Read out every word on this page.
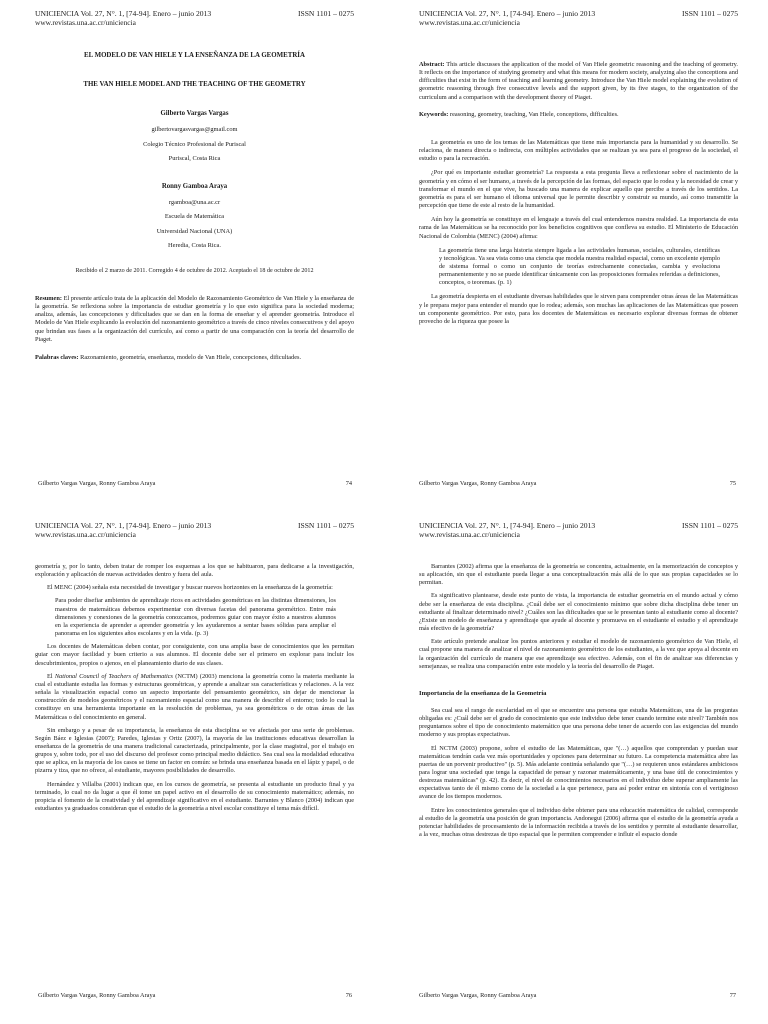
UNICIENCIA Vol. 27, N°. 1, [74-94]. Enero – junio 2013	ISSN 1101 – 0275
www.revistas.una.ac.cr/uniciencia
EL MODELO DE VAN HIELE Y LA ENSEÑANZA DE LA GEOMETRÍA
THE VAN HIELE MODEL AND THE TEACHING OF THE GEOMETRY
Gilberto Vargas Vargas
gilbertovargasvargas@gmail.com
Colegio Técnico Profesional de Puriscal
Puriscal, Costa Rica
Ronny Gamboa Araya
rgamboa@una.ac.cr
Escuela de Matemática
Universidad Nacional (UNA)
Heredia, Costa Rica.
Recibido el 2 marzo de 2011. Corregido 4 de octubre de 2012. Aceptado el 18 de octubre de 2012

Resumen: El presente artículo trata de la aplicación del Modelo de Razonamiento Geométrico de Van Hiele y la enseñanza de la geometría. Se reflexiona sobre la importancia de estudiar geometría y lo que esto significa para la sociedad moderna; analiza, además, las concepciones y dificultades que se dan en la forma de enseñar y el aprender geometría. Introduce el Modelo de Van Hiele explicando la evolución del razonamiento geométrico a través de cinco niveles consecutivos y del apoyo que brindan sus fases a la organización del currículo, así como a partir de una comparación con la teoría del desarrollo de Piaget.

Palabras claves: Razonamiento, geometría, enseñanza, modelo de Van Hiele, concepciones, dificultades.

Gilberto Vargas Vargas, Ronny Gamboa Araya	74
UNICIENCIA Vol. 27, N°. 1, [74-94]. Enero – junio 2013	ISSN 1101 – 0275
www.revistas.una.ac.cr/uniciencia

Abstract: This article discusses the application of the model of Van Hiele geometric reasoning and the teaching of geometry. It reflects on the importance of studying geometry and what this means for modern society, analyzing also the conceptions and difficulties that exist in the form of teaching and learning geometry. Introduce the Van Hiele model explaining the evolution of geometric reasoning through five consecutive levels and the support given, by its five stages, to the organization of the curriculum and a comparison with the development theory of Piaget.

Keywords: reasoning, geometry, teaching, Van Hiele, conceptions, difficulties.

La geometría es uno de los temas de las Matemáticas que tiene más importancia para la humanidad y su desarrollo. Se relaciona, de manera directa o indirecta, con múltiples actividades que se realizan ya sea para el progreso de la sociedad, el estudio o para la recreación.

¿Por qué es importante estudiar geometría? La respuesta a esta pregunta lleva a reflexionar sobre el nacimiento de la geometría y en cómo el ser humano, a través de la percepción de las formas, del espacio que lo rodea y la necesidad de crear y transformar el mundo en el que vive, ha buscado una manera de explicar aquello que percibe a través de los sentidos. La geometría es para el ser humano el idioma universal que le permite describir y construir su mundo, así como transmitir la percepción que tiene de este al resto de la humanidad.

Aún hoy la geometría se constituye en el lenguaje a través del cual entendemos nuestra realidad. La importancia de esta rama de las Matemáticas se ha reconocido por los beneficios cognitivos que confleva su estudio. El Ministerio de Educación Nacional de Colombia (MENC) (2004) afirma:

La geometría tiene una larga historia siempre ligada a las actividades humanas, sociales, culturales, científicas y tecnológicas. Ya sea vista como una ciencia que modela nuestra realidad espacial, como un excelente ejemplo de sistema formal o como un conjunto de teorías estrechamente conectadas, cambia y evoluciona permanentemente y no se puede identificar únicamente con las proposiciones formales referidas a definiciones, conceptos, o teoremas. (p. 1)

La geometría despierta en el estudiante diversas habilidades que le sirven para comprender otras áreas de las Matemáticas y le prepara mejor para entender el mundo que lo rodea; además, son muchas las aplicaciones de las Matemáticas que poseen un componente geométrico. Por esto, para los docentes de Matemáticas es necesario explorar diversas formas de obtener provecho de la riqueza que posee la

Gilberto Vargas Vargas, Ronny Gamboa Araya	75
UNICIENCIA Vol. 27, N°. 1, [74-94]. Enero – junio 2013	ISSN 1101 – 0275
www.revistas.una.ac.cr/uniciencia

geometría y, por lo tanto, deben tratar de romper los esquemas a los que se habituaron, para dedicarse a la investigación, exploración y aplicación de nuevas actividades dentro y fuera del aula.

El MENC (2004) señala esta necesidad de investigar y buscar nuevos horizontes en la enseñanza de la geometría:

Para poder disefiar ambientes de aprendizaje ricos en actividades geométricas en las distintas dimensiones, los maestros de matemáticas debemos experimentar con diversas facetas del panorama geométrico. Entre más dimensiones y conexiones de la geometría conozcamos, podremos guiar con mayor éxito a nuestros alumnos en la experiencia de aprender a aprender geometría y les ayudaremos a sentar bases sólidas para ampliar el panorama en los siguientes años escolares y en la vida. (p. 3)

Los docentes de Matemáticas deben contar, por consiguiente, con una amplia base de conocimientos que les permitan guiar con mayor facilidad y buen criterio a sus alumnos. El docente debe ser el primero en explorar para incluir los descubrimientos, propios o ajenos, en el planeamiento diario de sus clases.

El National Council of Teachers of Mathematics (NCTM) (2003) menciona la geometría como la materia mediante la cual el estudiante estudia las formas y estructuras geométricas, y aprende a analizar sus características y relaciones. A la vez señala la visualización espacial como un aspecto importante del pensamiento geométrico, sin dejar de mencionar la construcción de modelos geométricos y el razonamiento espacial como una manera de describir el entorno; todo lo cual la constituye en una herramienta importante en la resolución de problemas, ya sea geométricos o de otras áreas de las Matemáticas o del conocimiento en general.

Sin embargo y a pesar de su importancia, la enseñanza de esta disciplina se ve afectada por una serie de problemas. Según Báez e Iglesias (2007); Paredes, Iglesias y Ortiz (2007), la mayoría de las instituciones educativas desarrollan la enseñanza de la geometría de una manera tradicional caracterizada, principalmente, por la clase magistral, por el trabajo en grupos y, sobre todo, por el uso del discurso del profesor como principal medio didáctico. Sea cual sea la modalidad educativa que se aplica, en la mayoría de los casos se tiene un factor en común: se brinda una enseñanza basada en el lápiz y papel, o de pizarra y tiza, que no ofrece, al estudiante, mayores posibilidades de desarrollo.

Hernández y Villalba (2001) indican que, en los cursos de geometría, se presenta al estudiante un producto final y ya terminado, lo cual no da lugar a que él tome un papel activo en el desarrollo de su conocimiento matemático; además, no propicia el fomento de la creatividad y del aprendizaje significativo en el estudiante. Barrantes y Blanco (2004) indican que estudiantes ya graduados consideran que el estudio de la geometría a nivel escolar constituye el tema más difícil.

Gilberto Vargas Vargas, Ronny Gamboa Araya	76
UNICIENCIA Vol. 27, N°. 1, [74-94]. Enero – junio 2013	ISSN 1101 – 0275
www.revistas.una.ac.cr/uniciencia

Barrantes (2002) afirma que la enseñanza de la geometría se concentra, actualmente, en la memorización de conceptos y su aplicación, sin que el estudiante pueda llegar a una conceptualización más allá de lo que sus propias capacidades se lo permitan.

Es significativo plantearse, desde este punto de vista, la importancia de estudiar geometría en el mundo actual y cómo debe ser la enseñanza de esta disciplina. ¿Cuál debe ser el conocimiento mínimo que sobre dicha disciplina debe tener un estudiante al finalizar determinado nivel? ¿Cuáles son las dificultades que se le presentan tanto al estudiante como al docente? ¿Existe un modelo de enseñanza y aprendizaje que ayude al docente y promueva en el estudiante el estudio y el aprendizaje más efectivo de la geometría?

Este artículo pretende analizar los puntos anteriores y estudiar el modelo de razonamiento geométrico de Van Hiele, el cual propone una manera de analizar el nivel de razonamiento geométrico de los estudiantes, a la vez que apoya al docente en la organización del currículo de manera que ese aprendizaje sea efectivo. Además, con el fin de analizar sus diferencias y semejanzas, se realiza una comparación entre este modelo y la teoría del desarrollo de Piaget.

Importancia de la enseñanza de la Geometría

Sea cual sea el rango de escolaridad en el que se encuentre una persona que estudia Matemáticas, una de las preguntas obligadas es: ¿Cuál debe ser el grado de conocimiento que este individuo debe tener cuando termine este nivel? También nos preguntamos sobre el tipo de conocimiento matemático que una persona debe tener de acuerdo con las exigencias del mundo moderno y sus propias expectativas.

El NCTM (2003) propone, sobre el estudio de las Matemáticas, que "(…) aquellos que comprendan y puedan usar matemáticas tendrán cada vez más oportunidades y opciones para determinar su futuro. La competencia matemática abre las puertas de un porvenir productivo" (p. 5). Más adelante continúa señalando que "(…) se requieren unos estándares ambiciosos para lograr una sociedad que tenga la capacidad de pensar y razonar matemáticamente, y una base útil de conocimientos y destrezas matemáticas" (p. 42). Es decir, el nivel de conocimientos necesarios en el individuo debe superar ampliamente las expectativas tanto de él mismo como de la sociedad a la que pertenece, para así poder entrar en sintonía con el vertiginoso avance de los tiempos modernos.

Entre los conocimientos generales que el individuo debe obtener para una educación matemática de calidad, corresponde al estudio de la geometría una posición de gran importancia. Andonegui (2006) afirma que el estudio de la geometría ayuda a potenciar habilidades de procesamiento de la información recibida a través de los sentidos y permite al estudiante desarrollar, a la vez, muchas otras destrezas de tipo espacial que le permiten comprender e influir el espacio donde

Gilberto Vargas Vargas, Ronny Gamboa Araya	77
